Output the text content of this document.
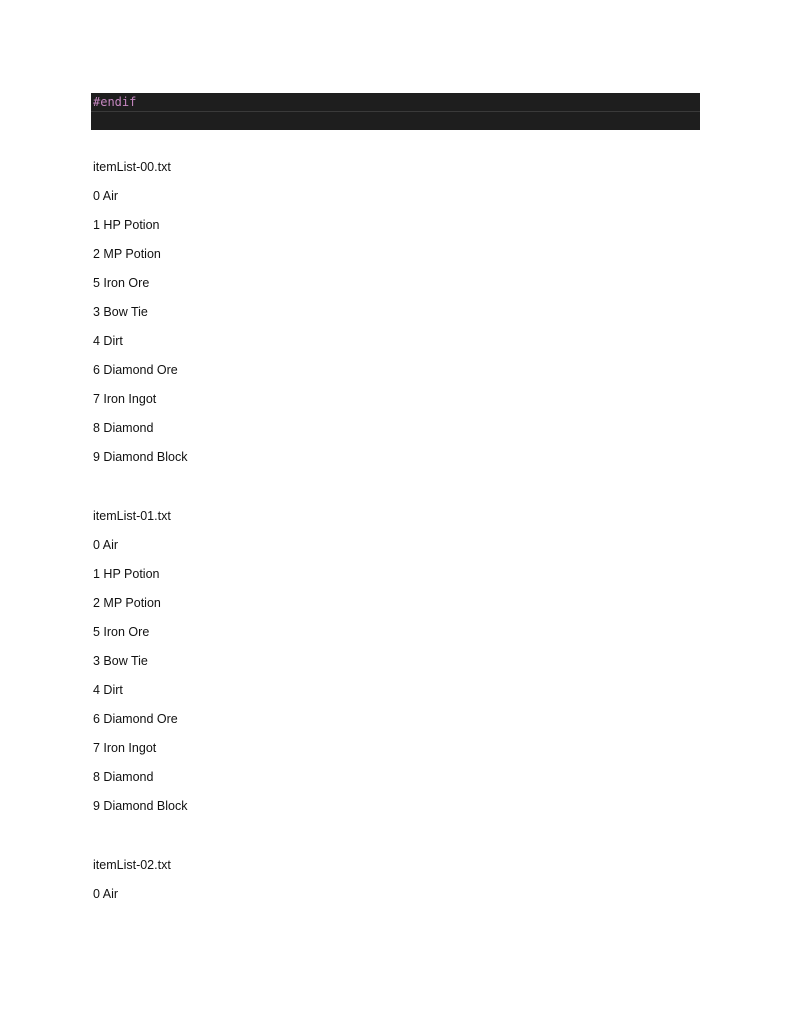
#endif
itemList-00.txt
0 Air
1 HP Potion
2 MP Potion
5 Iron Ore
3 Bow Tie
4 Dirt
6 Diamond Ore
7 Iron Ingot
8 Diamond
9 Diamond Block
itemList-01.txt
0 Air
1 HP Potion
2 MP Potion
5 Iron Ore
3 Bow Tie
4 Dirt
6 Diamond Ore
7 Iron Ingot
8 Diamond
9 Diamond Block
itemList-02.txt
0 Air
